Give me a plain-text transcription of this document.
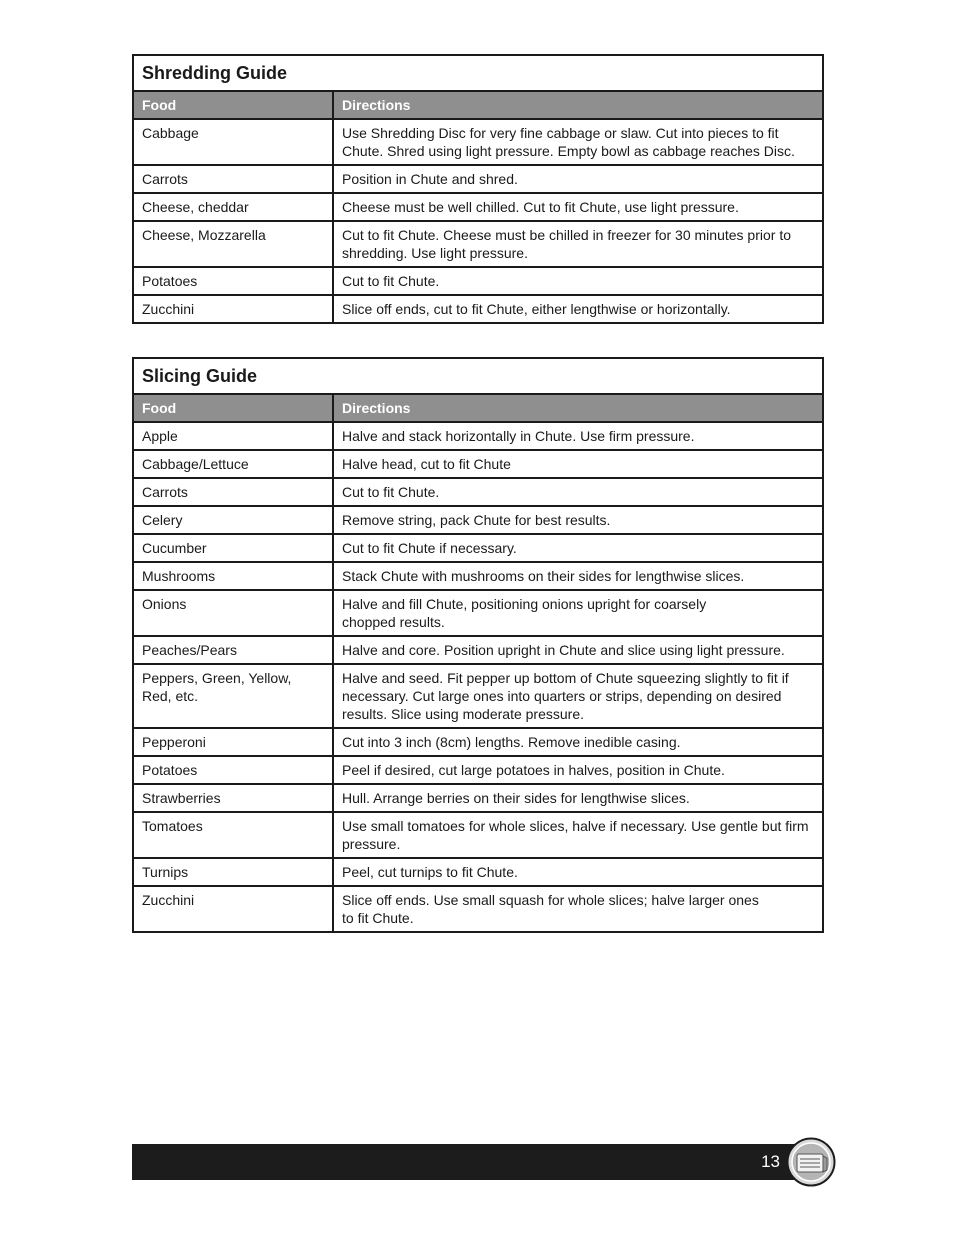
Shredding Guide	
Food	Directions
Cabbage	Use Shredding Disc for very fine cabbage or slaw. Cut into pieces to fit Chute. Shred using light pressure. Empty bowl as cabbage reaches Disc.
Carrots	Position in Chute and shred.
Cheese, cheddar	Cheese must be well chilled. Cut to fit Chute, use light pressure.
Cheese, Mozzarella	Cut to fit Chute. Cheese must be chilled in freezer for 30 minutes prior to shredding. Use light pressure.
Potatoes	Cut to fit Chute.
Zucchini	Slice off ends, cut to fit Chute, either lengthwise or horizontally.
Slicing Guide	
Food	Directions
Apple	Halve and stack horizontally in Chute. Use firm pressure.
Cabbage/Lettuce	Halve head, cut to fit Chute
Carrots	Cut to fit Chute.
Celery	Remove string, pack Chute for best results.
Cucumber	Cut to fit Chute if necessary.
Mushrooms	Stack Chute with mushrooms on their sides for lengthwise slices.
Onions	Halve and fill Chute, positioning onions upright for coarsely
chopped results.
Peaches/Pears	Halve and core. Position upright in Chute and slice using light pressure.
Peppers, Green, Yellow,
Red, etc.	Halve and seed. Fit pepper up bottom of Chute squeezing slightly to fit if necessary. Cut large ones into quarters or strips, depending on desired results. Slice using moderate pressure.
Pepperoni	Cut into 3 inch (8cm) lengths. Remove inedible casing.
Potatoes	Peel if desired, cut large potatoes in halves, position in Chute.
Strawberries	Hull. Arrange berries on their sides for lengthwise slices.
Tomatoes	Use small tomatoes for whole slices, halve if necessary. Use gentle but firm pressure.
Turnips	Peel, cut turnips to fit Chute.
Zucchini	Slice off ends. Use small squash for whole slices; halve larger ones
to fit Chute.
13
